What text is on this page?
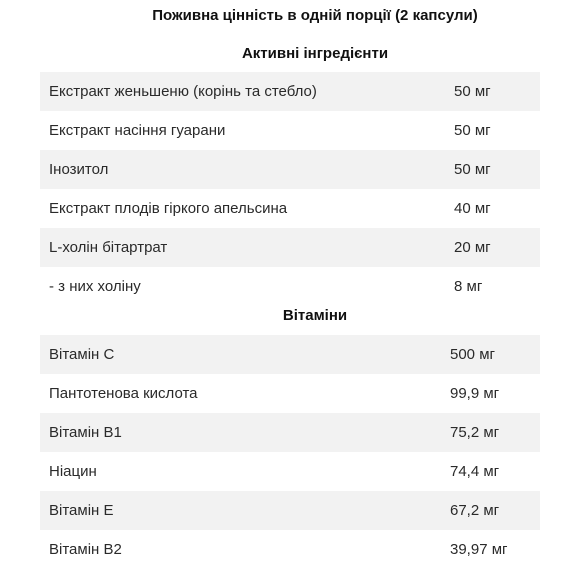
Поживна цінність в одній порції (2 капсули)
Активні інгредієнти
Екстракт женьшеню (корінь та стебло)	50 мг
Екстракт насіння гуарани	50 мг
Інозитол	50 мг
Екстракт плодів гіркого апельсина	40 мг
L-холін бітартрат	20 мг
- з них холіну	8 мг
Вітаміни
Вітамін С	500 мг
Пантотенова кислота	99,9 мг
Вітамін В1	75,2 мг
Ніацин	74,4 мг
Вітамін Е	67,2 мг
Вітамін В2	39,97 мг
